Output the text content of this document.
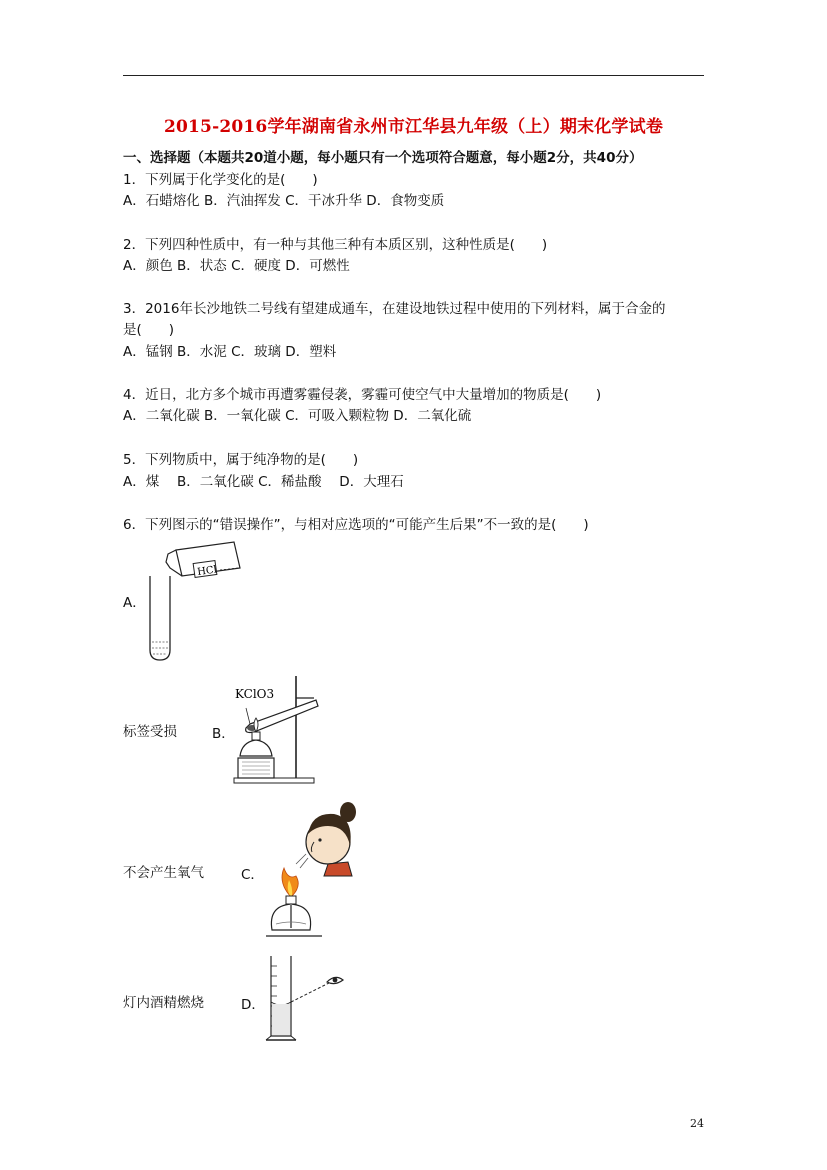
2015-2016学年湖南省永州市江华县九年级（上）期末化学试卷
一、选择题（本题共20道小题，每小题只有一个选项符合题意，每小题2分，共40分）
1．下列属于化学变化的是(　　)
A．石蜡熔化 B．汽油挥发 C．干冰升华 D．食物变质
2．下列四种性质中，有一种与其他三种有本质区别，这种性质是(　　)
A．颜色 B．状态 C．硬度 D．可燃性
3．2016年长沙地铁二号线有望建成通车，在建设地铁过程中使用的下列材料，属于合金的
是(　　)
A．锰钢 B．水泥 C．玻璃 D．塑料
4．近日，北方多个城市再遭雾霾侵袭，雾霾可使空气中大量增加的物质是(　　)
A．二氧化碳 B．一氧化碳 C．可吸入颗粒物 D．二氧化硫
5．下列物质中，属于纯净物的是(　　)
A．煤　 B．二氧化碳 C．稀盐酸　 D．大理石
6．下列图示的“错误操作”，与相对应选项的“可能产生后果”不一致的是(　　)
A．
HCl
标签受损	B．
KClO3
不会产生氧气	C．
灯内酒精燃烧	D．
24
